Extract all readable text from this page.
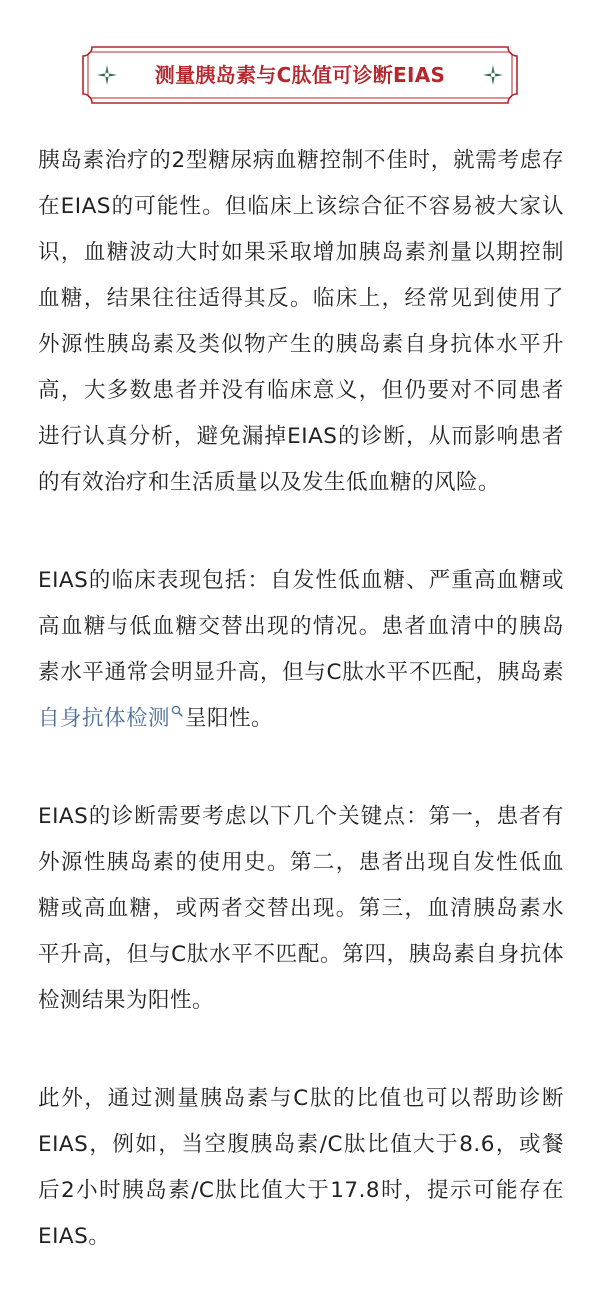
测量胰岛素与C肽值可诊断EIAS

胰岛素治疗的2型糖尿病血糖控制不佳时，就需考虑存在EIAS的可能性。但临床上该综合征不容易被大家认识，血糖波动大时如果采取增加胰岛素剂量以期控制血糖，结果往往适得其反。临床上，经常见到使用了外源性胰岛素及类似物产生的胰岛素自身抗体水平升高，大多数患者并没有临床意义，但仍要对不同患者进行认真分析，避免漏掉EIAS的诊断，从而影响患者的有效治疗和生活质量以及发生低血糖的风险。

EIAS的临床表现包括：自发性低血糖、严重高血糖或高血糖与低血糖交替出现的情况。患者血清中的胰岛素水平通常会明显升高，但与C肽水平不匹配，胰岛素自身抗体检测 呈阳性。

EIAS的诊断需要考虑以下几个关键点：第一，患者有外源性胰岛素的使用史。第二，患者出现自发性低血糖或高血糖，或两者交替出现。第三，血清胰岛素水平升高，但与C肽水平不匹配。第四，胰岛素自身抗体检测结果为阳性。

此外，通过测量胰岛素与C肽的比值也可以帮助诊断EIAS，例如，当空腹胰岛素/C肽比值大于8.6，或餐后2小时胰岛素/C肽比值大于17.8时，提示可能存在EIAS。
